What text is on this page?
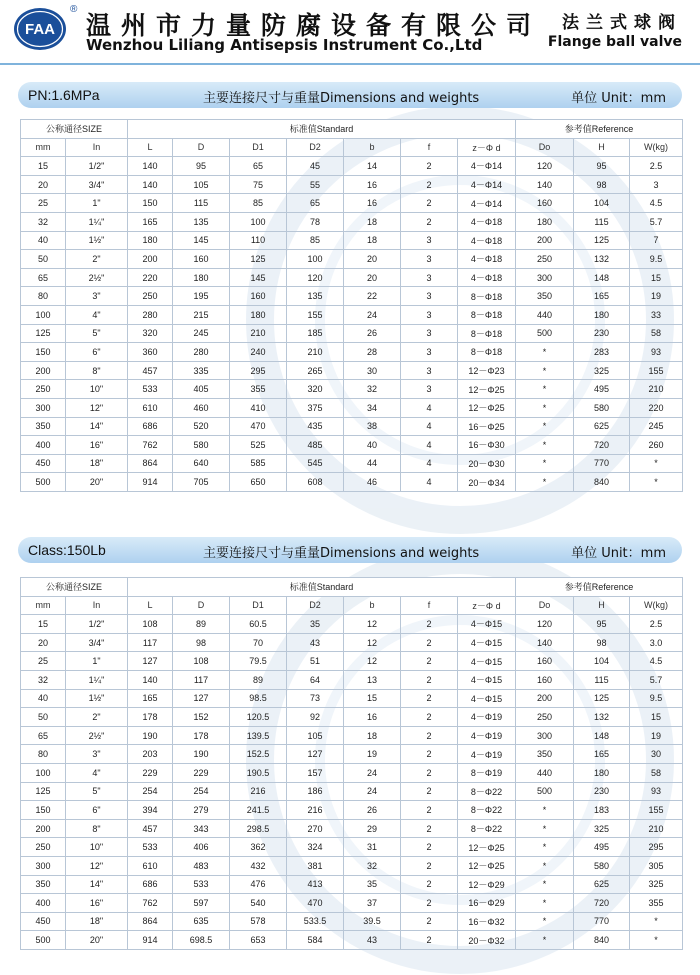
FAA
®
温州市力量防腐设备有限公司
Wenzhou Liliang Antisepsis Instrument Co.,Ltd
法兰式球阀
Flange ball valve
PN:1.6MPa	主要连接尺寸与重量Dimensions and weights	单位 Unit：mm
公称通径SIZE		标准值Standard							参考值Reference		
mm	In	L	D	D1	D2	b	f	z－Φ d	Do	H	W(kg)
15	1/2"	140	95	65	45	14	2	4－Φ14	120	95	2.5
20	3/4"	140	105	75	55	16	2	4－Φ14	140	98	3
25	1"	150	115	85	65	16	2	4－Φ14	160	104	4.5
32	1¼"	165	135	100	78	18	2	4－Φ18	180	115	5.7
40	1½"	180	145	110	85	18	3	4－Φ18	200	125	7
50	2"	200	160	125	100	20	3	4－Φ18	250	132	9.5
65	2½"	220	180	145	120	20	3	4－Φ18	300	148	15
80	3"	250	195	160	135	22	3	8－Φ18	350	165	19
100	4"	280	215	180	155	24	3	8－Φ18	440	180	33
125	5"	320	245	210	185	26	3	8－Φ18	500	230	58
150	6"	360	280	240	210	28	3	8－Φ18	*	283	93
200	8"	457	335	295	265	30	3	12－Φ23	*	325	155
250	10"	533	405	355	320	32	3	12－Φ25	*	495	210
300	12"	610	460	410	375	34	4	12－Φ25	*	580	220
350	14"	686	520	470	435	38	4	16－Φ25	*	625	245
400	16"	762	580	525	485	40	4	16－Φ30	*	720	260
450	18"	864	640	585	545	44	4	20－Φ30	*	770	*
500	20"	914	705	650	608	46	4	20－Φ34	*	840	*
Class:150Lb	主要连接尺寸与重量Dimensions and weights	单位 Unit：mm
公称通径SIZE		标准值Standard							参考值Reference		
mm	In	L	D	D1	D2	b	f	z－Φ d	Do	H	W(kg)
15	1/2"	108	89	60.5	35	12	2	4－Φ15	120	95	2.5
20	3/4"	117	98	70	43	12	2	4－Φ15	140	98	3.0
25	1"	127	108	79.5	51	12	2	4－Φ15	160	104	4.5
32	1¼"	140	117	89	64	13	2	4－Φ15	160	115	5.7
40	1½"	165	127	98.5	73	15	2	4－Φ15	200	125	9.5
50	2"	178	152	120.5	92	16	2	4－Φ19	250	132	15
65	2½"	190	178	139.5	105	18	2	4－Φ19	300	148	19
80	3"	203	190	152.5	127	19	2	4－Φ19	350	165	30
100	4"	229	229	190.5	157	24	2	8－Φ19	440	180	58
125	5"	254	254	216	186	24	2	8－Φ22	500	230	93
150	6"	394	279	241.5	216	26	2	8－Φ22	*	183	155
200	8"	457	343	298.5	270	29	2	8－Φ22	*	325	210
250	10"	533	406	362	324	31	2	12－Φ25	*	495	295
300	12"	610	483	432	381	32	2	12－Φ25	*	580	305
350	14"	686	533	476	413	35	2	12－Φ29	*	625	325
400	16"	762	597	540	470	37	2	16－Φ29	*	720	355
450	18"	864	635	578	533.5	39.5	2	16－Φ32	*	770	*
500	20"	914	698.5	653	584	43	2	20－Φ32	*	840	*
